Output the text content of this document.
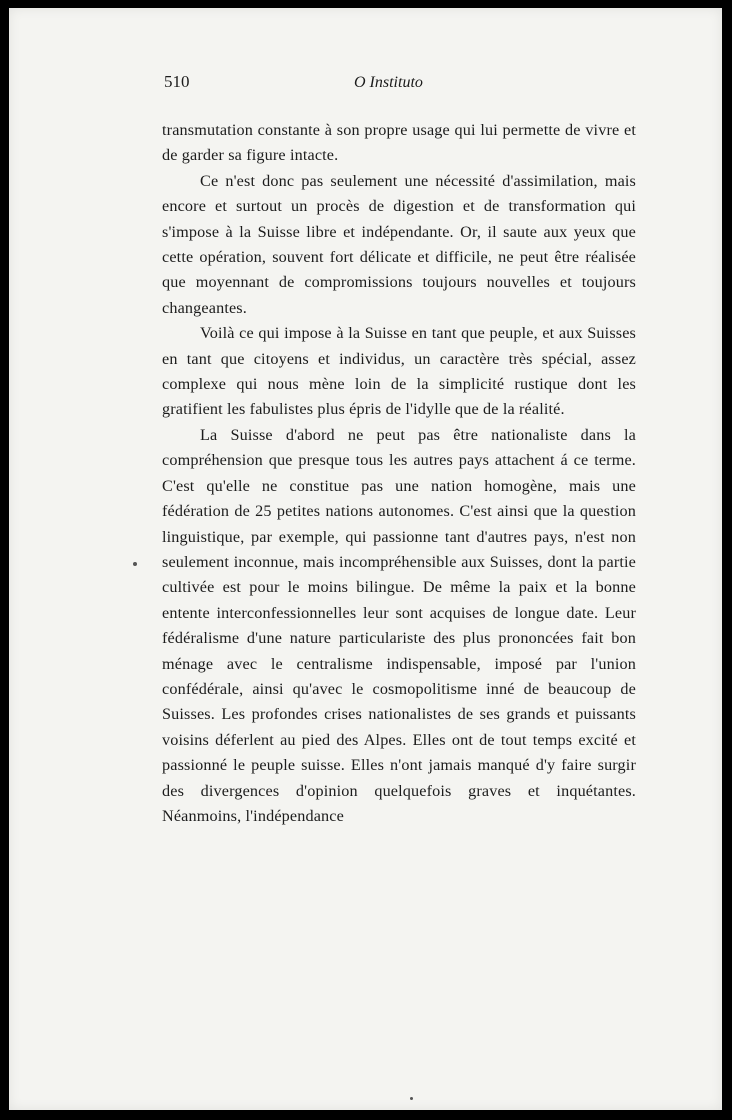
510	O Instituto

transmutation constante à son propre usage qui lui permette de vivre et de garder sa figure intacte.

Ce n'est donc pas seulement une nécessité d'assimilation, mais encore et surtout un procès de digestion et de transformation qui s'impose à la Suisse libre et indépendante. Or, il saute aux yeux que cette opération, souvent fort délicate et difficile, ne peut être réalisée que moyennant de compromissions toujours nouvelles et toujours changeantes.

Voilà ce qui impose à la Suisse en tant que peuple, et aux Suisses en tant que citoyens et individus, un caractère très spécial, assez complexe qui nous mène loin de la simplicité rustique dont les gratifient les fabulistes plus épris de l'idylle que de la réalité.

La Suisse d'abord ne peut pas être nationaliste dans la compréhension que presque tous les autres pays attachent á ce terme. C'est qu'elle ne constitue pas une nation homogène, mais une fédération de 25 petites nations autonomes. C'est ainsi que la question linguistique, par exemple, qui passionne tant d'autres pays, n'est non seulement inconnue, mais incompréhensible aux Suisses, dont la partie cultivée est pour le moins bilingue. De même la paix et la bonne entente interconfessionnelles leur sont acquises de longue date. Leur fédéralisme d'une nature particulariste des plus prononcées fait bon ménage avec le centralisme indispensable, imposé par l'union confédérale, ainsi qu'avec le cosmopolitisme inné de beaucoup de Suisses. Les profondes crises nationalistes de ses grands et puissants voisins déferlent au pied des Alpes. Elles ont de tout temps excité et passionné le peuple suisse. Elles n'ont jamais manqué d'y faire surgir des divergences d'opinion quelquefois graves et inquétantes. Néanmoins, l'indépendance
